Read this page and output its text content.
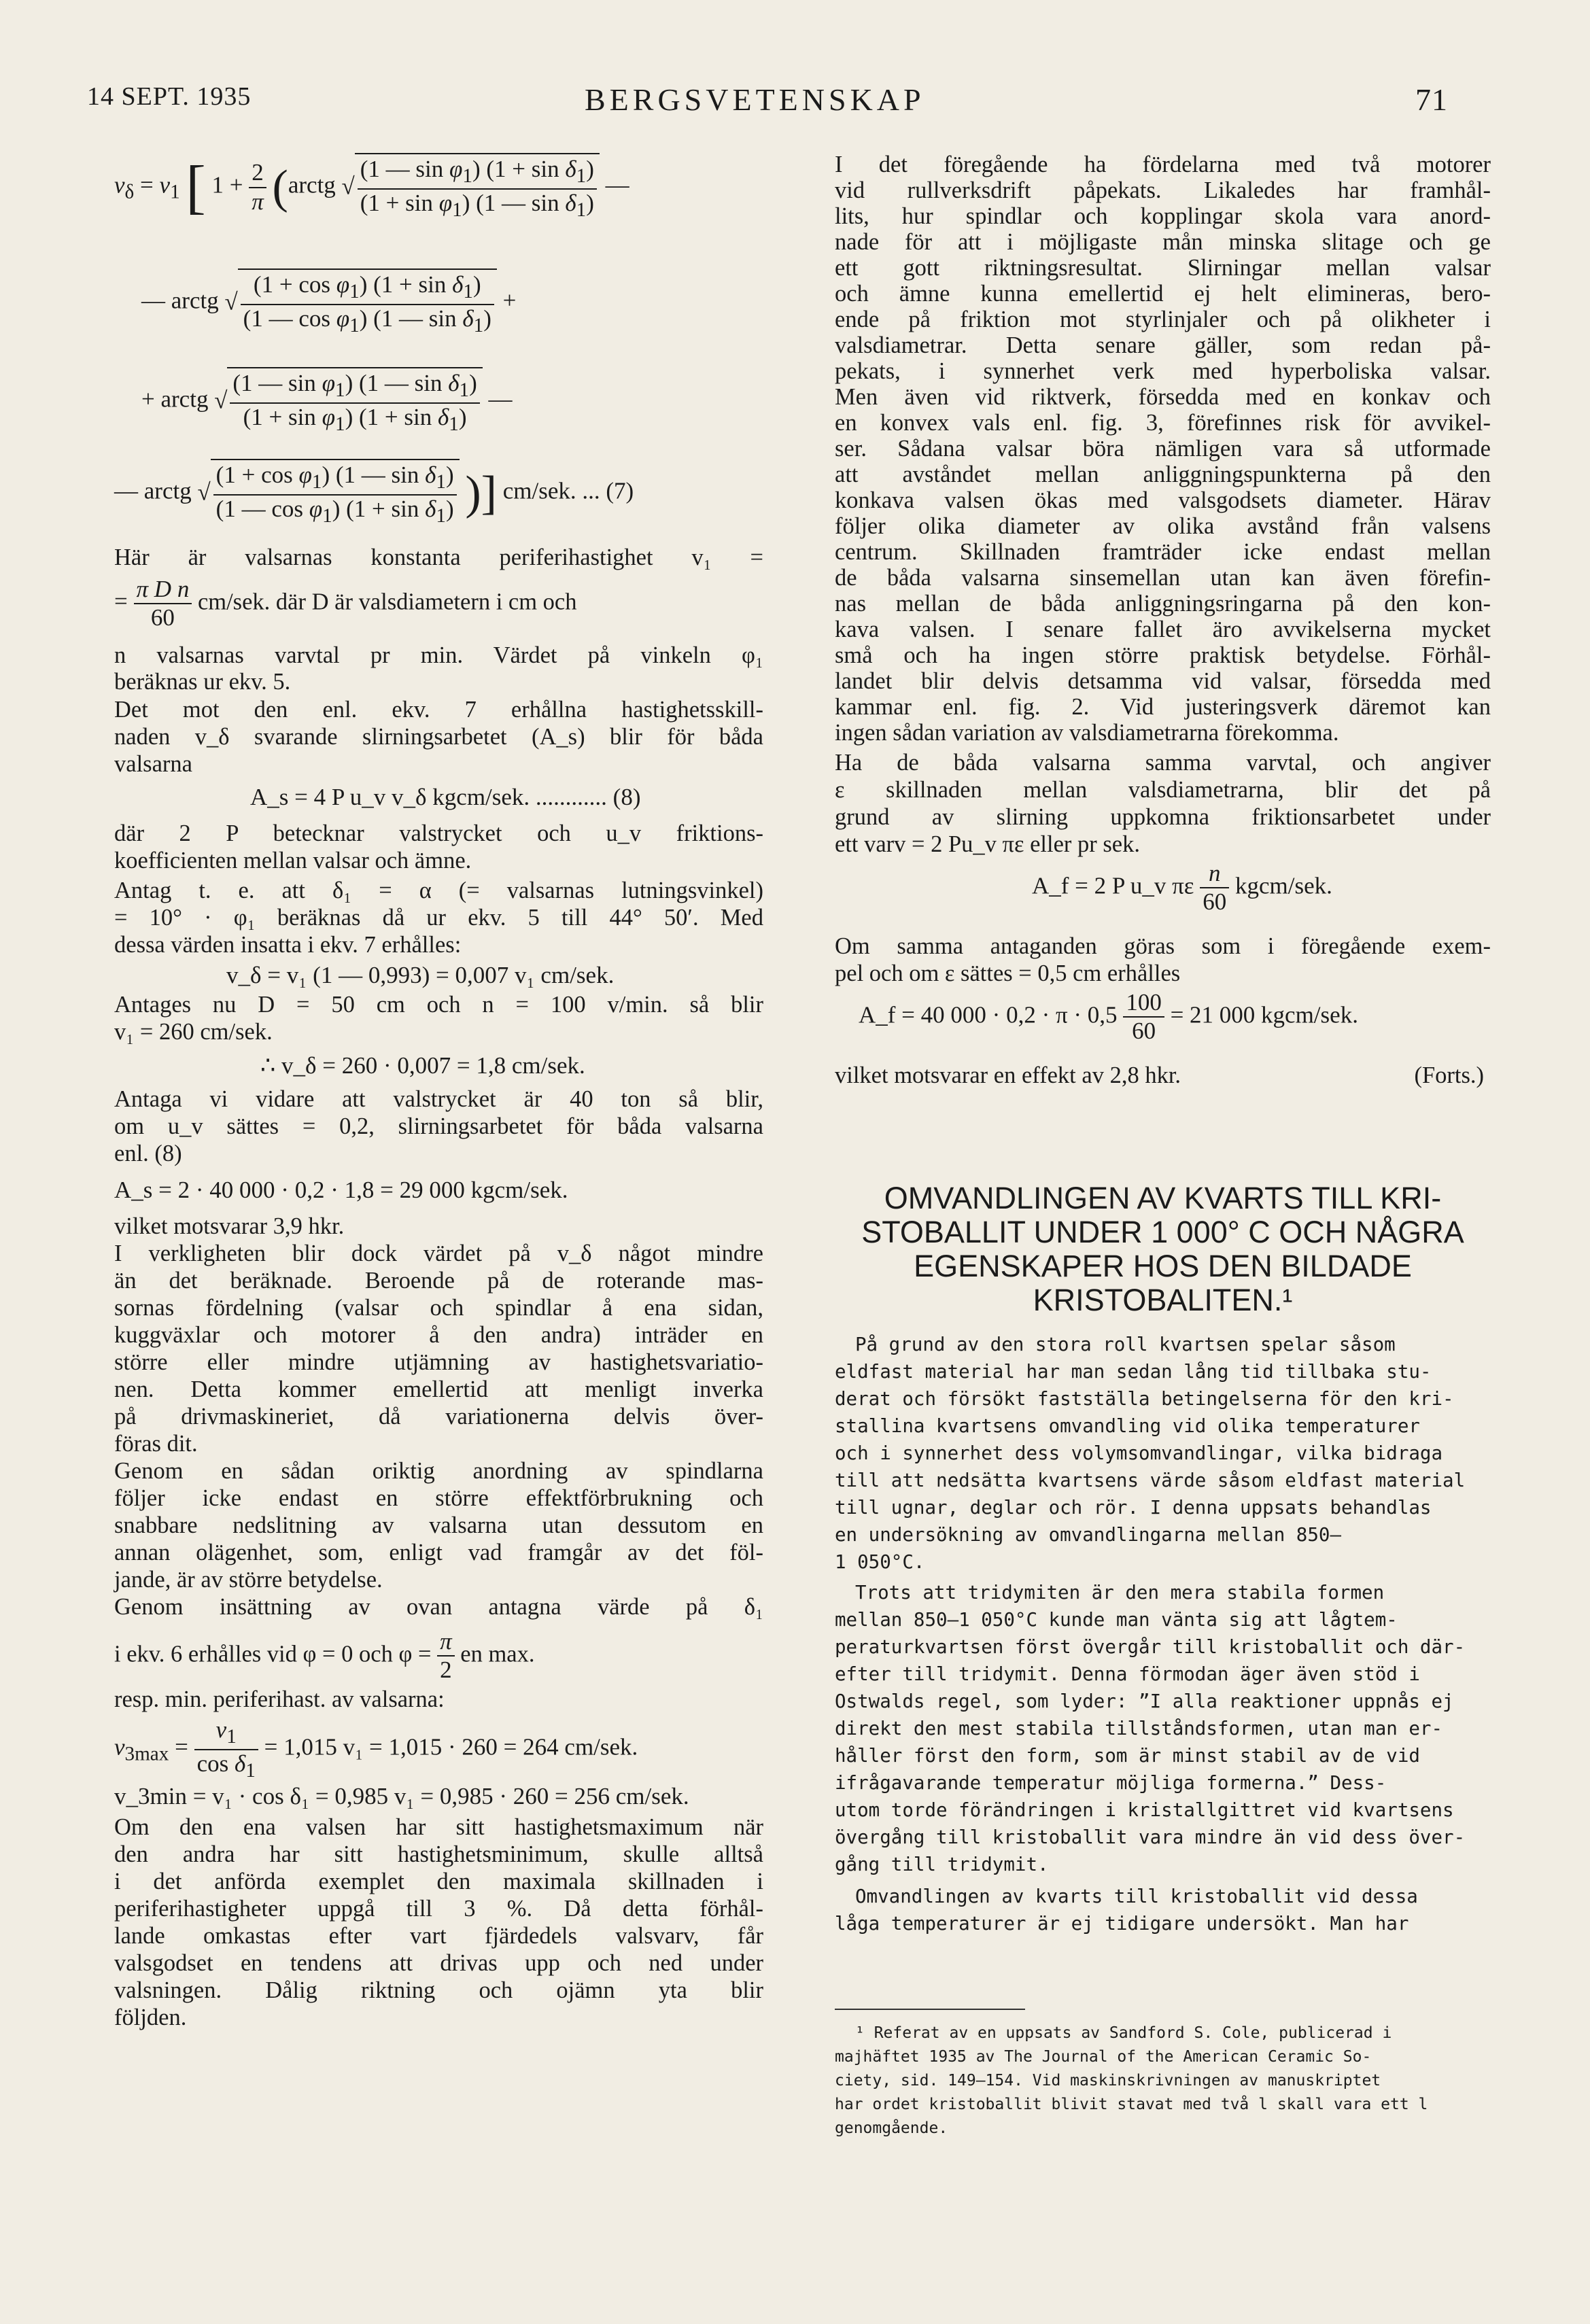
14 SEPT. 1935	BERGSVETENSKAP	71
$v_\delta = v_1$ [ $1 + \frac{2}{\pi}$ (arctg √ $\frac{(1 — \sin \varphi_1) (1 + \sin \delta_1)}{(1 + \sin \varphi_1) (1 — \sin \delta_1)}$ —
— arctg √ $\frac{(1 + \cos \varphi_1) (1 + \sin \delta_1)}{(1 — \cos \varphi_1) (1 — \sin \delta_1)}$ +
+ arctg √ $\frac{(1 — \sin \varphi_1) (1 — \sin \delta_1)}{(1 + \sin \varphi_1) (1 + \sin \delta_1)}$ —
— arctg √ $\frac{(1 + \cos \varphi_1) (1 — \sin \delta_1)}{(1 — \cos \varphi_1) (1 + \sin \delta_1)}$ )] cm/sek. ... (7)
Här är valsarnas konstanta periferihastighet v₁ =
= $\frac{\text{π D n}}{60} cm/sek$. där D är valsdiametern i cm och
n valsarnas varvtal pr min. Värdet på vinkeln φ₁
beräknas ur ekv. 5.
Det mot den enl. ekv. 7 erhållna hastighetsskill-
naden v_δ svarande slirningsarbetet (A_s) blir för båda
valsarna
A_s = 4 P u_v v_δ kgcm/sek. ............ (8)
där 2 P betecknar valstrycket och u_v friktions-
koefficienten mellan valsar och ämne.
Antag t. e. att δ₁ = α (= valsarnas lutningsvinkel)
= 10° · φ₁ beräknas då ur ekv. 5 till 44° 50′. Med
dessa värden insatta i ekv. 7 erhålles:
v_δ = v₁ (1 — 0,993) = 0,007 v₁ cm/sek.
Antages nu D = 50 cm och n = 100 v/min. så blir
v₁ = 260 cm/sek.
∴ v_δ = 260 · 0,007 = 1,8 cm/sek.
Antaga vi vidare att valstrycket är 40 ton så blir,
om u_v sättes = 0,2, slirningsarbetet för båda valsarna
enl. (8)
A_s = 2 · 40 000 · 0,2 · 1,8 = 29 000 kgcm/sek.
vilket motsvarar 3,9 hkr.
I verkligheten blir dock värdet på v_δ något mindre
än det beräknade. Beroende på de roterande mas-
sornas fördelning (valsar och spindlar å ena sidan,
kuggväxlar och motorer å den andra) inträder en
större eller mindre utjämning av hastighetsvariatio-
nen. Detta kommer emellertid att menligt inverka
på drivmaskineriet, då variationerna delvis över-
föras dit.
Genom en sådan oriktig anordning av spindlarna
följer icke endast en större effektförbrukning och
snabbare nedslitning av valsarna utan dessutom en
annan olägenhet, som, enligt vad framgår av det föl-
jande, är av större betydelse.
Genom insättning av ovan antagna värde på δ₁
i ekv. 6 erhålles vid φ = 0 och $\varphi = \frac{\pi}{2}$ en max.
resp. min. periferihast. av valsarna:
$v_{3max} = \frac{v_1}{\cos \delta_1} = 1,015$ v₁ = 1,015 · 260 = 264 cm/sek.
v_3min = v₁ · cos δ₁ = 0,985 v₁ = 0,985 · 260 = 256 cm/sek.
Om den ena valsen har sitt hastighetsmaximum när
den andra har sitt hastighetsminimum, skulle alltså
i det anförda exemplet den maximala skillnaden i
periferihastigheter uppgå till 3 %. Då detta förhål-
lande omkastas efter vart fjärdedels valsvarv, får
valsgodset en tendens att drivas upp och ned under
valsningen. Dålig riktning och ojämn yta blir
följden.
I det föregående ha fördelarna med två motorer
vid rullverksdrift påpekats. Likaledes har framhål-
lits, hur spindlar och kopplingar skola vara anord-
nade för att i möjligaste mån minska slitage och ge
ett gott riktningsresultat. Slirningar mellan valsar
och ämne kunna emellertid ej helt elimineras, bero-
ende på friktion mot styrlinjaler och på olikheter i
valsdiametrar. Detta senare gäller, som redan på-
pekats, i synnerhet verk med hyperboliska valsar.
Men även vid riktverk, försedda med en konkav och
en konvex vals enl. fig. 3, förefinnes risk för avvikel-
ser. Sådana valsar böra nämligen vara så utformade
att avståndet mellan anliggningspunkterna på den
konkava valsen ökas med valsgodsets diameter. Härav
följer olika diameter av olika avstånd från valsens
centrum. Skillnaden framträder icke endast mellan
de båda valsarna sinsemellan utan kan även förefin-
nas mellan de båda anliggningsringarna på den kon-
kava valsen. I senare fallet äro avvikelserna mycket
små och ha ingen större praktisk betydelse. Förhål-
landet blir delvis detsamma vid valsar, försedda med
kammar enl. fig. 2. Vid justeringsverk däremot kan
ingen sådan variation av valsdiametrarna förekomma.
Ha de båda valsarna samma varvtal, och angiver
ε skillnaden mellan valsdiametrarna, blir det på
grund av slirning uppkomna friktionsarbetet under
ett varv = 2 Pu_v πε eller pr sek.
A_f = 2 P u_v πε $\frac{n}{60}$ kgcm/sek.
Om samma antaganden göras som i föregående exem-
pel och om ε sättes = 0,5 cm erhålles
A_f = 40 $000 \cdot 0,2 \cdot \pi \cdot 0,5 \frac{100}{60} = 21$ 000 kgcm/sek.
vilket motsvarar en effekt av 2,8 hkr.	(Forts.)
OMVANDLINGEN AV KVARTS TILL KRI-
STOBALLIT UNDER 1 000° C OCH NÅGRA
EGENSKAPER HOS DEN BILDADE
KRISTOBALITEN.¹
På grund av den stora roll kvartsen spelar såsom
eldfast material har man sedan lång tid tillbaka stu-
derat och försökt fastställa betingelserna för den kri-
stallina kvartsens omvandling vid olika temperaturer
och i synnerhet dess volymsomvandlingar, vilka bidraga
till att nedsätta kvartsens värde såsom eldfast material
till ugnar, deglar och rör. I denna uppsats behandlas
en undersökning av omvandlingarna mellan 850—
1 050°C.
Trots att tridymiten är den mera stabila formen
mellan 850—1 050°C kunde man vänta sig att lågtem-
peraturkvartsen först övergår till kristoballit och där-
efter till tridymit. Denna förmodan äger även stöd i
Ostwalds regel, som lyder: ”I alla reaktioner uppnås ej
direkt den mest stabila tillståndsformen, utan man er-
håller först den form, som är minst stabil av de vid
ifrågavarande temperatur möjliga formerna.” Dess-
utom torde förändringen i kristallgittret vid kvartsens
övergång till kristoballit vara mindre än vid dess över-
gång till tridymit.
Omvandlingen av kvarts till kristoballit vid dessa
låga temperaturer är ej tidigare undersökt. Man har
¹ Referat av en uppsats av Sandford S. Cole, publicerad i
majhäftet 1935 av The Journal of the American Ceramic So-
ciety, sid. 149—154. Vid maskinskrivningen av manuskriptet
har ordet kristoballit blivit stavat med två l skall vara ett l
genomgående.
